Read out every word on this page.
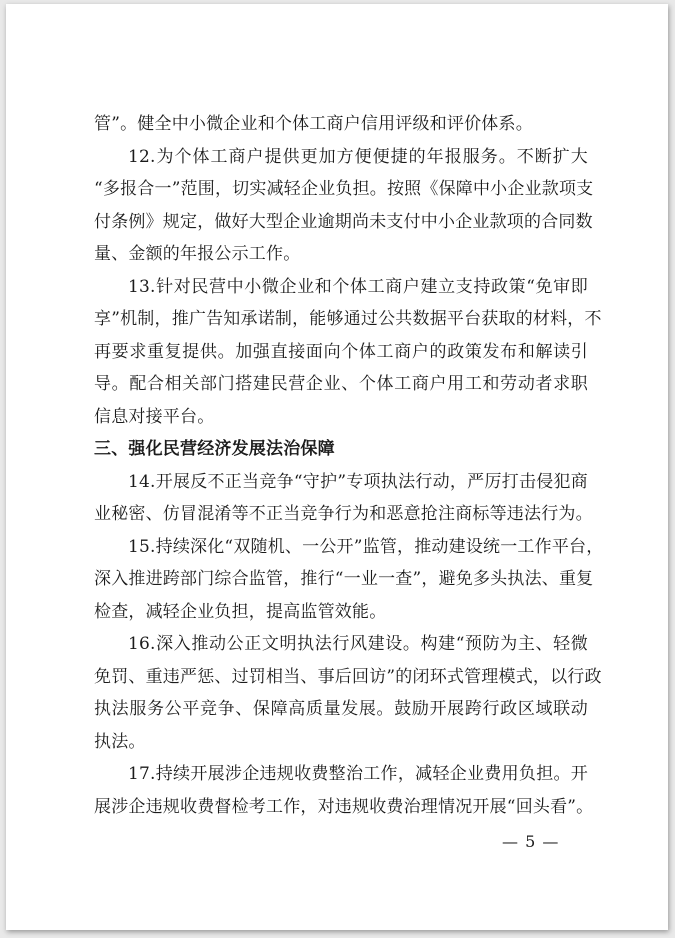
管”。健全中小微企业和个体工商户信用评级和评价体系。
12.为个体工商户提供更加方便便捷的年报服务。不断扩大
“多报合一”范围，切实减轻企业负担。按照《保障中小企业款项支
付条例》规定，做好大型企业逾期尚未支付中小企业款项的合同数
量、金额的年报公示工作。
13.针对民营中小微企业和个体工商户建立支持政策“免审即
享”机制，推广告知承诺制，能够通过公共数据平台获取的材料，不
再要求重复提供。加强直接面向个体工商户的政策发布和解读引
导。配合相关部门搭建民营企业、个体工商户用工和劳动者求职
信息对接平台。
三、强化民营经济发展法治保障
14.开展反不正当竞争“守护”专项执法行动，严厉打击侵犯商
业秘密、仿冒混淆等不正当竞争行为和恶意抢注商标等违法行为。
15.持续深化“双随机、一公开”监管，推动建设统一工作平台，
深入推进跨部门综合监管，推行“一业一查”，避免多头执法、重复
检查，减轻企业负担，提高监管效能。
16.深入推动公正文明执法行风建设。构建“预防为主、轻微
免罚、重违严惩、过罚相当、事后回访”的闭环式管理模式，以行政
执法服务公平竞争、保障高质量发展。鼓励开展跨行政区域联动
执法。
17.持续开展涉企违规收费整治工作，减轻企业费用负担。开
展涉企违规收费督检考工作，对违规收费治理情况开展“回头看”。
— 5 —
